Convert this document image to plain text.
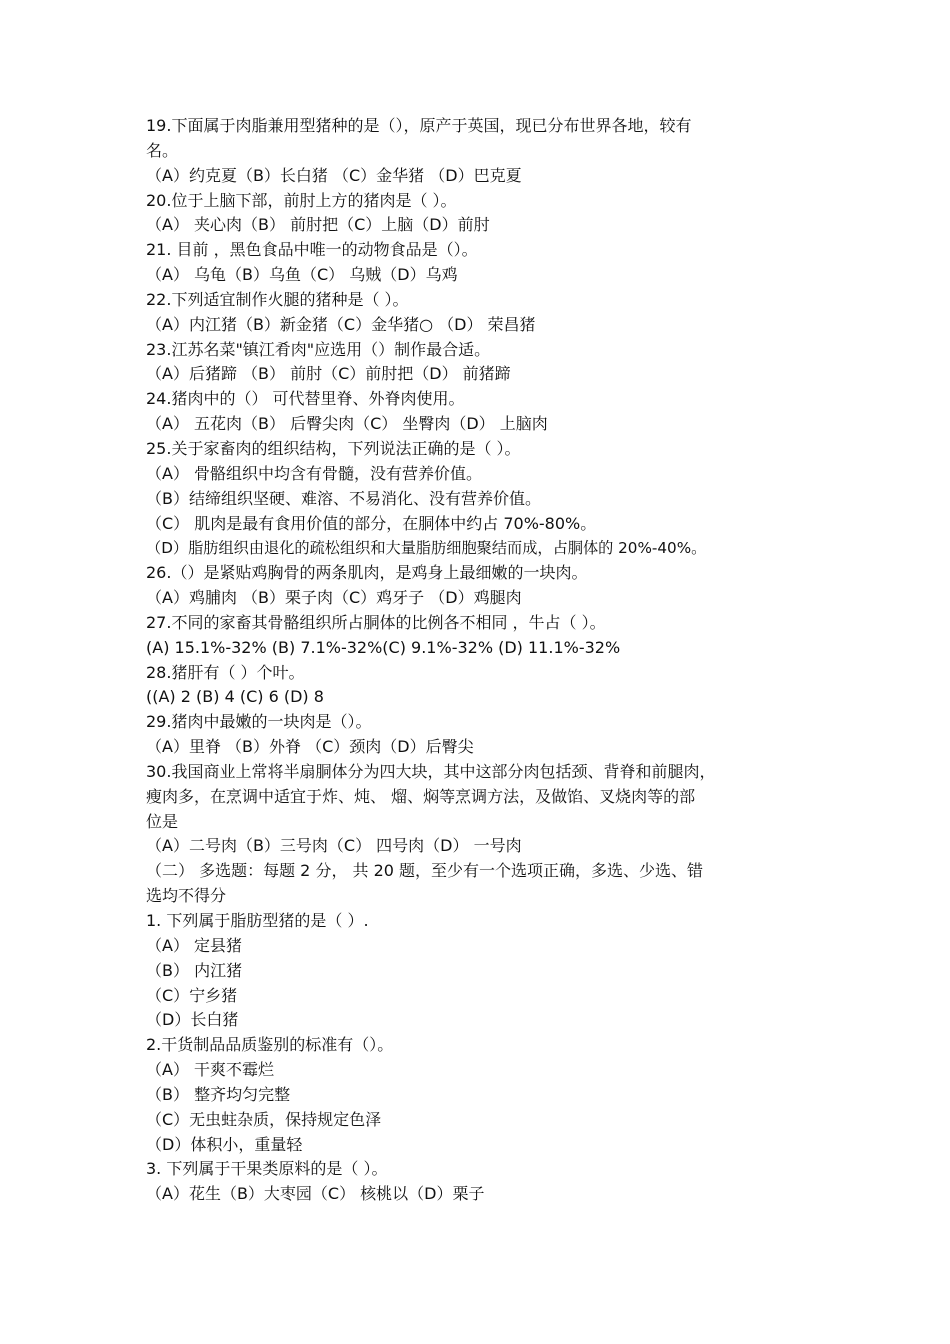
19.下面属于肉脂兼用型猪种的是（），原产于英国，现已分布世界各地，较有
名。
（A）约克夏（B）长白猪 （C）金华猪 （D）巴克夏
20.位于上脑下部，前肘上方的猪肉是（ ）。
（A） 夹心肉（B） 前肘把（C）上脑（D）前肘
21. 目前 ，黑色食品中唯一的动物食品是（）。
（A） 乌龟（B）乌鱼（C） 乌贼（D）乌鸡
22.下列适宜制作火腿的猪种是（ ）。
（A）内江猪（B）新金猪（C）金华猪○ （D） 荣昌猪
23.江苏名菜"镇江肴肉"应选用（）制作最合适。
（A）后猪蹄 （B） 前肘（C）前肘把（D） 前猪蹄
24.猪肉中的（） 可代替里脊、外脊肉使用。
（A） 五花肉（B） 后臀尖肉（C） 坐臀肉（D） 上脑肉
25.关于家畜肉的组织结构，下列说法正确的是（ ）。
（A） 骨骼组织中均含有骨髓，没有营养价值。
（B）结缔组织坚硬、难溶、不易消化、没有营养价值。
（C） 肌肉是最有食用价值的部分，在胴体中约占 70%-80%。
（D）脂肪组织由退化的疏松组织和大量脂肪细胞聚结而成，占胴体的 20%-40%。
26.（）是紧贴鸡胸骨的两条肌肉，是鸡身上最细嫩的一块肉。
（A）鸡脯肉 （B）栗子肉（C）鸡牙子 （D）鸡腿肉
27.不同的家畜其骨骼组织所占胴体的比例各不相同 ，牛占（ ）。
(A) 15.1%-32% (B) 7.1%-32%(C) 9.1%-32% (D) 11.1%-32%
28.猪肝有（ ）个叶。
((A) 2 (B) 4 (C) 6 (D) 8
29.猪肉中最嫩的一块肉是（）。
（A）里脊 （B）外脊 （C）颈肉（D）后臀尖
30.我国商业上常将半扇胴体分为四大块，其中这部分肉包括颈、背脊和前腿肉，
瘦肉多，在烹调中适宜于炸、炖、 熘、焖等烹调方法，及做馅、叉烧肉等的部
位是
（A）二号肉（B）三号肉（C） 四号肉（D） 一号肉
（二） 多选题：每题 2 分， 共 20 题，至少有一个选项正确，多选、少选、错
选均不得分
1. 下列属于脂肪型猪的是（ ）.
（A） 定县猪
（B） 内江猪
（C）宁乡猪
（D）长白猪
2.干货制品品质鉴别的标准有（）。
（A） 干爽不霉烂
（B） 整齐均匀完整
（C）无虫蛀杂质，保持规定色泽
（D）体积小，重量轻
3. 下列属于干果类原料的是（ ）。
（A）花生（B）大枣园（C） 核桃以（D）栗子
